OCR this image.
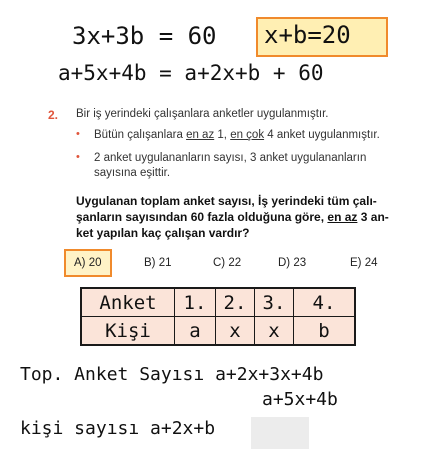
3x+3b = 60 x+b=20
a+5x+4b = a+2x+b + 60
2. Bir iş yerindeki çalışanlara anketler uygulanmıştır.
• Bütün çalışanlara en az 1, en çok 4 anket uygulanmıştır.
• 2 anket uygulananların sayısı, 3 anket uygulananların
sayısına eşittir.
Uygulanan toplam anket sayısı, İş yerindeki tüm çalı-
şanların sayısından 60 fazla olduğuna göre, en az 3 an-
ket yapılan kaç çalışan vardır?
A) 20	B) 21	C) 22	D) 23	E) 24
Anket	1.	2.	3.	4.
Kişi	a	x	x	b
Top. Anket Sayısı a+2x+3x+4b
a+5x+4b
kişi sayısı a+2x+b
